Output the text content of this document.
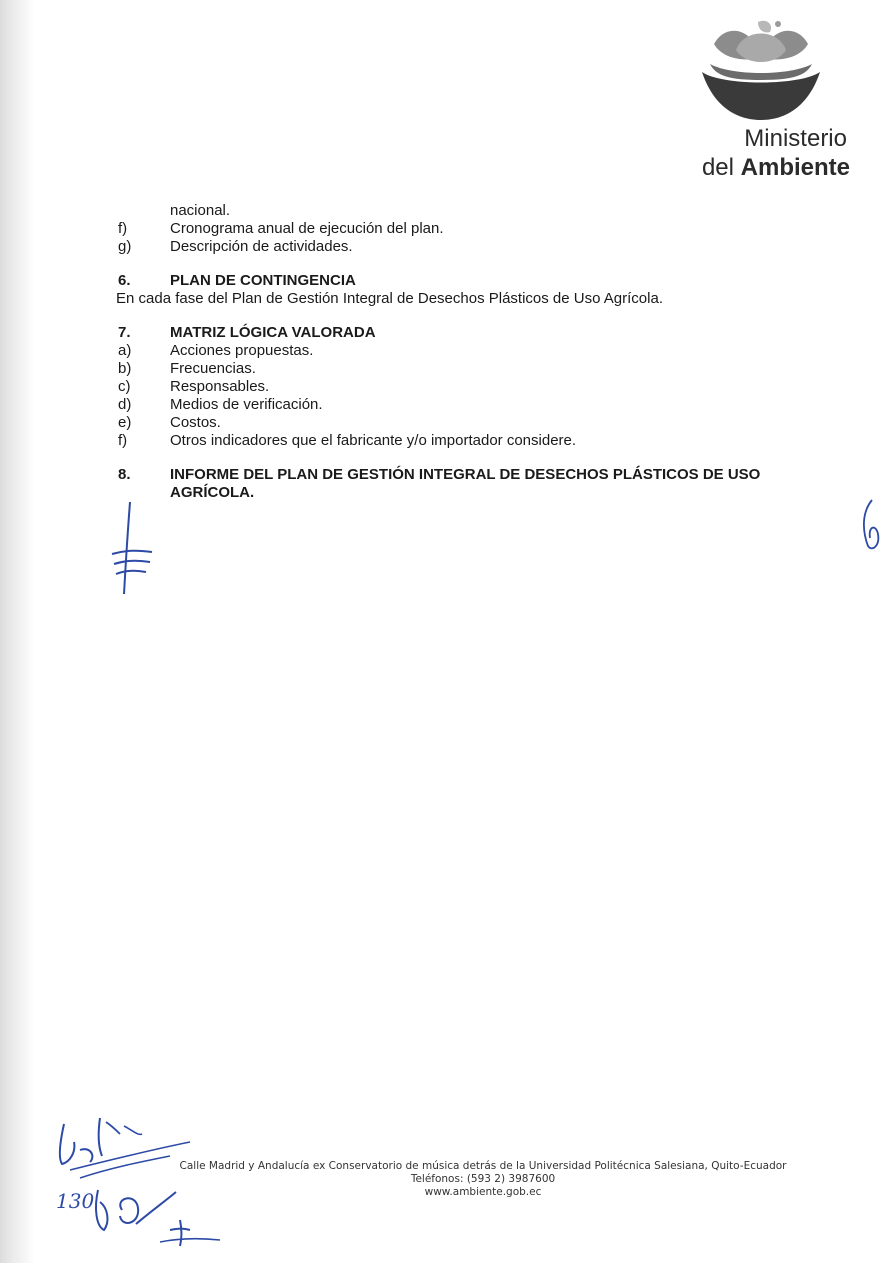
Ministerio
del Ambiente
nacional.
f)	Cronograma anual de ejecución del plan.
g)	Descripción de actividades.
6.	PLAN DE CONTINGENCIA
En cada fase del Plan de Gestión Integral de Desechos Plásticos de Uso Agrícola.
7.	MATRIZ LÓGICA VALORADA
a)	Acciones propuestas.
b)	Frecuencias.
c)	Responsables.
d)	Medios de verificación.
e)	Costos.
f)	Otros indicadores que el fabricante y/o importador considere.
8.	INFORME DEL PLAN DE GESTIÓN INTEGRAL DE DESECHOS PLÁSTICOS DE USO AGRÍCOLA.
130
Calle Madrid y Andalucía ex Conservatorio de música detrás de la Universidad Politécnica Salesiana, Quito-Ecuador
Teléfonos: (593 2) 3987600
www.ambiente.gob.ec
